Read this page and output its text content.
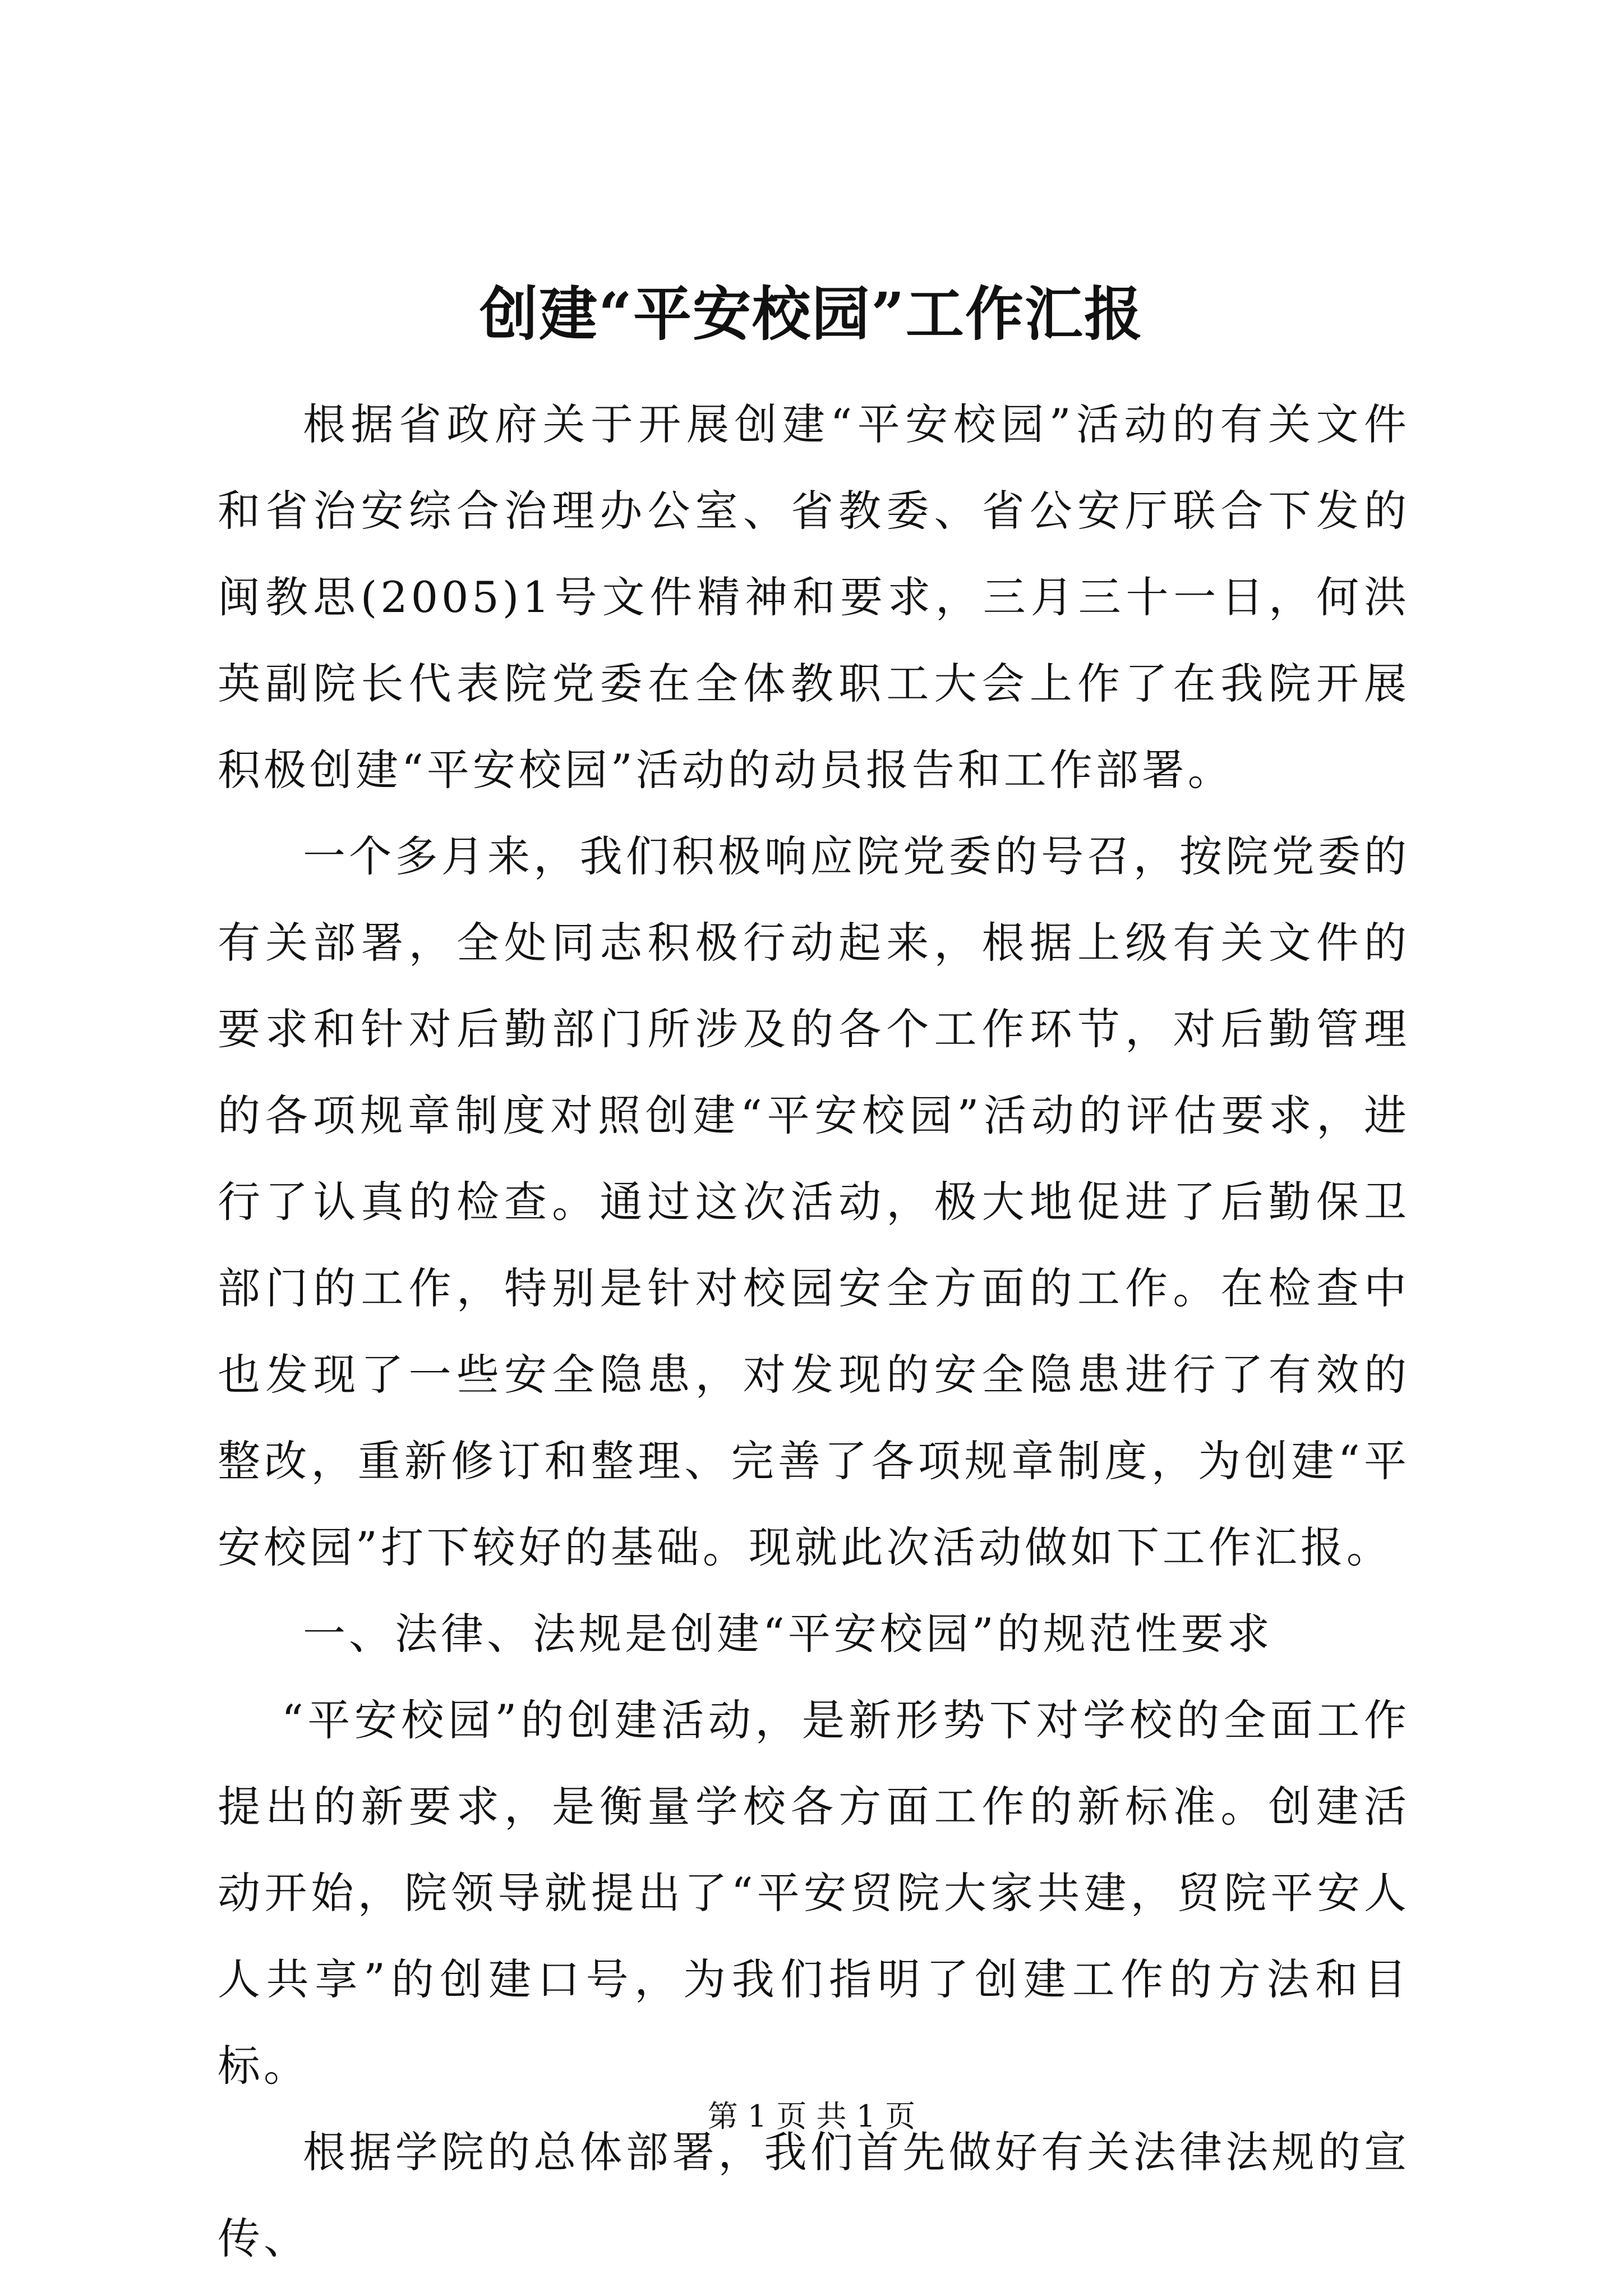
创建“平安校园”工作汇报

根据省政府关于开展创建“平安校园”活动的有关文件和省治安综合治理办公室、省教委、省公安厅联合下发的闽教思(2005)1号文件精神和要求，三月三十一日，何洪英副院长代表院党委在全体教职工大会上作了在我院开展积极创建“平安校园”活动的动员报告和工作部署。

一个多月来，我们积极响应院党委的号召，按院党委的有关部署，全处同志积极行动起来，根据上级有关文件的要求和针对后勤部门所涉及的各个工作环节，对后勤管理的各项规章制度对照创建“平安校园”活动的评估要求，进行了认真的检查。通过这次活动，极大地促进了后勤保卫部门的工作，特别是针对校园安全方面的工作。在检查中也发现了一些安全隐患，对发现的安全隐患进行了有效的整改，重新修订和整理、完善了各项规章制度，为创建“平安校园”打下较好的基础。现就此次活动做如下工作汇报。

一、法律、法规是创建“平安校园”的规范性要求

“平安校园”的创建活动，是新形势下对学校的全面工作提出的新要求，是衡量学校各方面工作的新标准。创建活动开始，院领导就提出了“平安贸院大家共建，贸院平安人人共享”的创建口号，为我们指明了创建工作的方法和目标。

根据学院的总体部署，我们首先做好有关法律法规的宣传、

第 1 页 共 1 页
